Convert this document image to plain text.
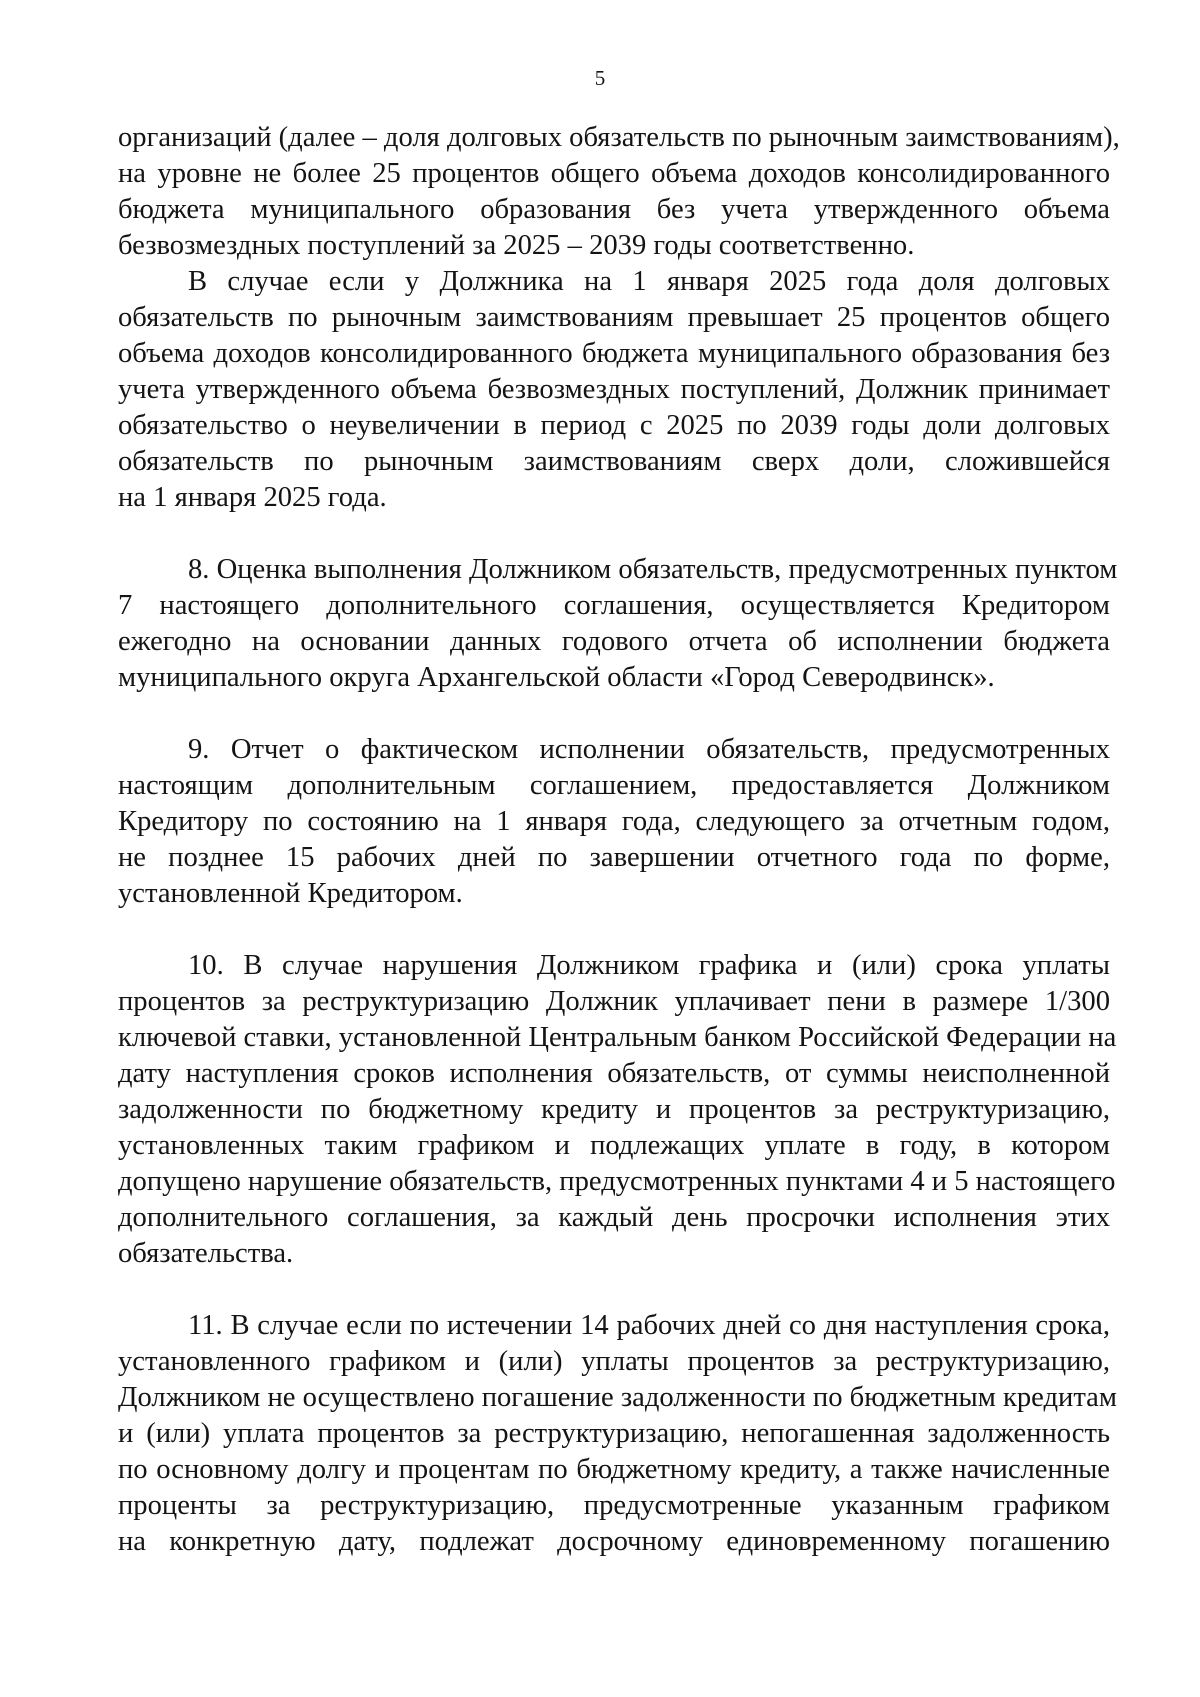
5
организаций (далее – доля долговых обязательств по рыночным заимствованиям),
на уровне не более 25 процентов общего объема доходов консолидированного
бюджета муниципального образования без учета утвержденного объема
безвозмездных поступлений за 2025 – 2039 годы соответственно.
В случае если у Должника на 1 января 2025 года доля долговых
обязательств по рыночным заимствованиям превышает 25 процентов общего
объема доходов консолидированного бюджета муниципального образования без
учета утвержденного объема безвозмездных поступлений, Должник принимает
обязательство о неувеличении в период с 2025 по 2039 годы доли долговых
обязательств по рыночным заимствованиям сверх доли, сложившейся
на 1 января 2025 года.
8. Оценка выполнения Должником обязательств, предусмотренных пунктом
7 настоящего дополнительного соглашения, осуществляется Кредитором
ежегодно на основании данных годового отчета об исполнении бюджета
муниципального округа Архангельской области «Город Северодвинск».
9. Отчет о фактическом исполнении обязательств, предусмотренных
настоящим дополнительным соглашением, предоставляется Должником
Кредитору по состоянию на 1 января года, следующего за отчетным годом,
не позднее 15 рабочих дней по завершении отчетного года по форме,
установленной Кредитором.
10. В случае нарушения Должником графика и (или) срока уплаты
процентов за реструктуризацию Должник уплачивает пени в размере 1/300
ключевой ставки, установленной Центральным банком Российской Федерации на
дату наступления сроков исполнения обязательств, от суммы неисполненной
задолженности по бюджетному кредиту и процентов за реструктуризацию,
установленных таким графиком и подлежащих уплате в году, в котором
допущено нарушение обязательств, предусмотренных пунктами 4 и 5 настоящего
дополнительного соглашения, за каждый день просрочки исполнения этих
обязательства.
11. В случае если по истечении 14 рабочих дней со дня наступления срока,
установленного графиком и (или) уплаты процентов за реструктуризацию,
Должником не осуществлено погашение задолженности по бюджетным кредитам
и (или) уплата процентов за реструктуризацию, непогашенная задолженность
по основному долгу и процентам по бюджетному кредиту, а также начисленные
проценты за реструктуризацию, предусмотренные указанным графиком
на конкретную дату, подлежат досрочному единовременному погашению
